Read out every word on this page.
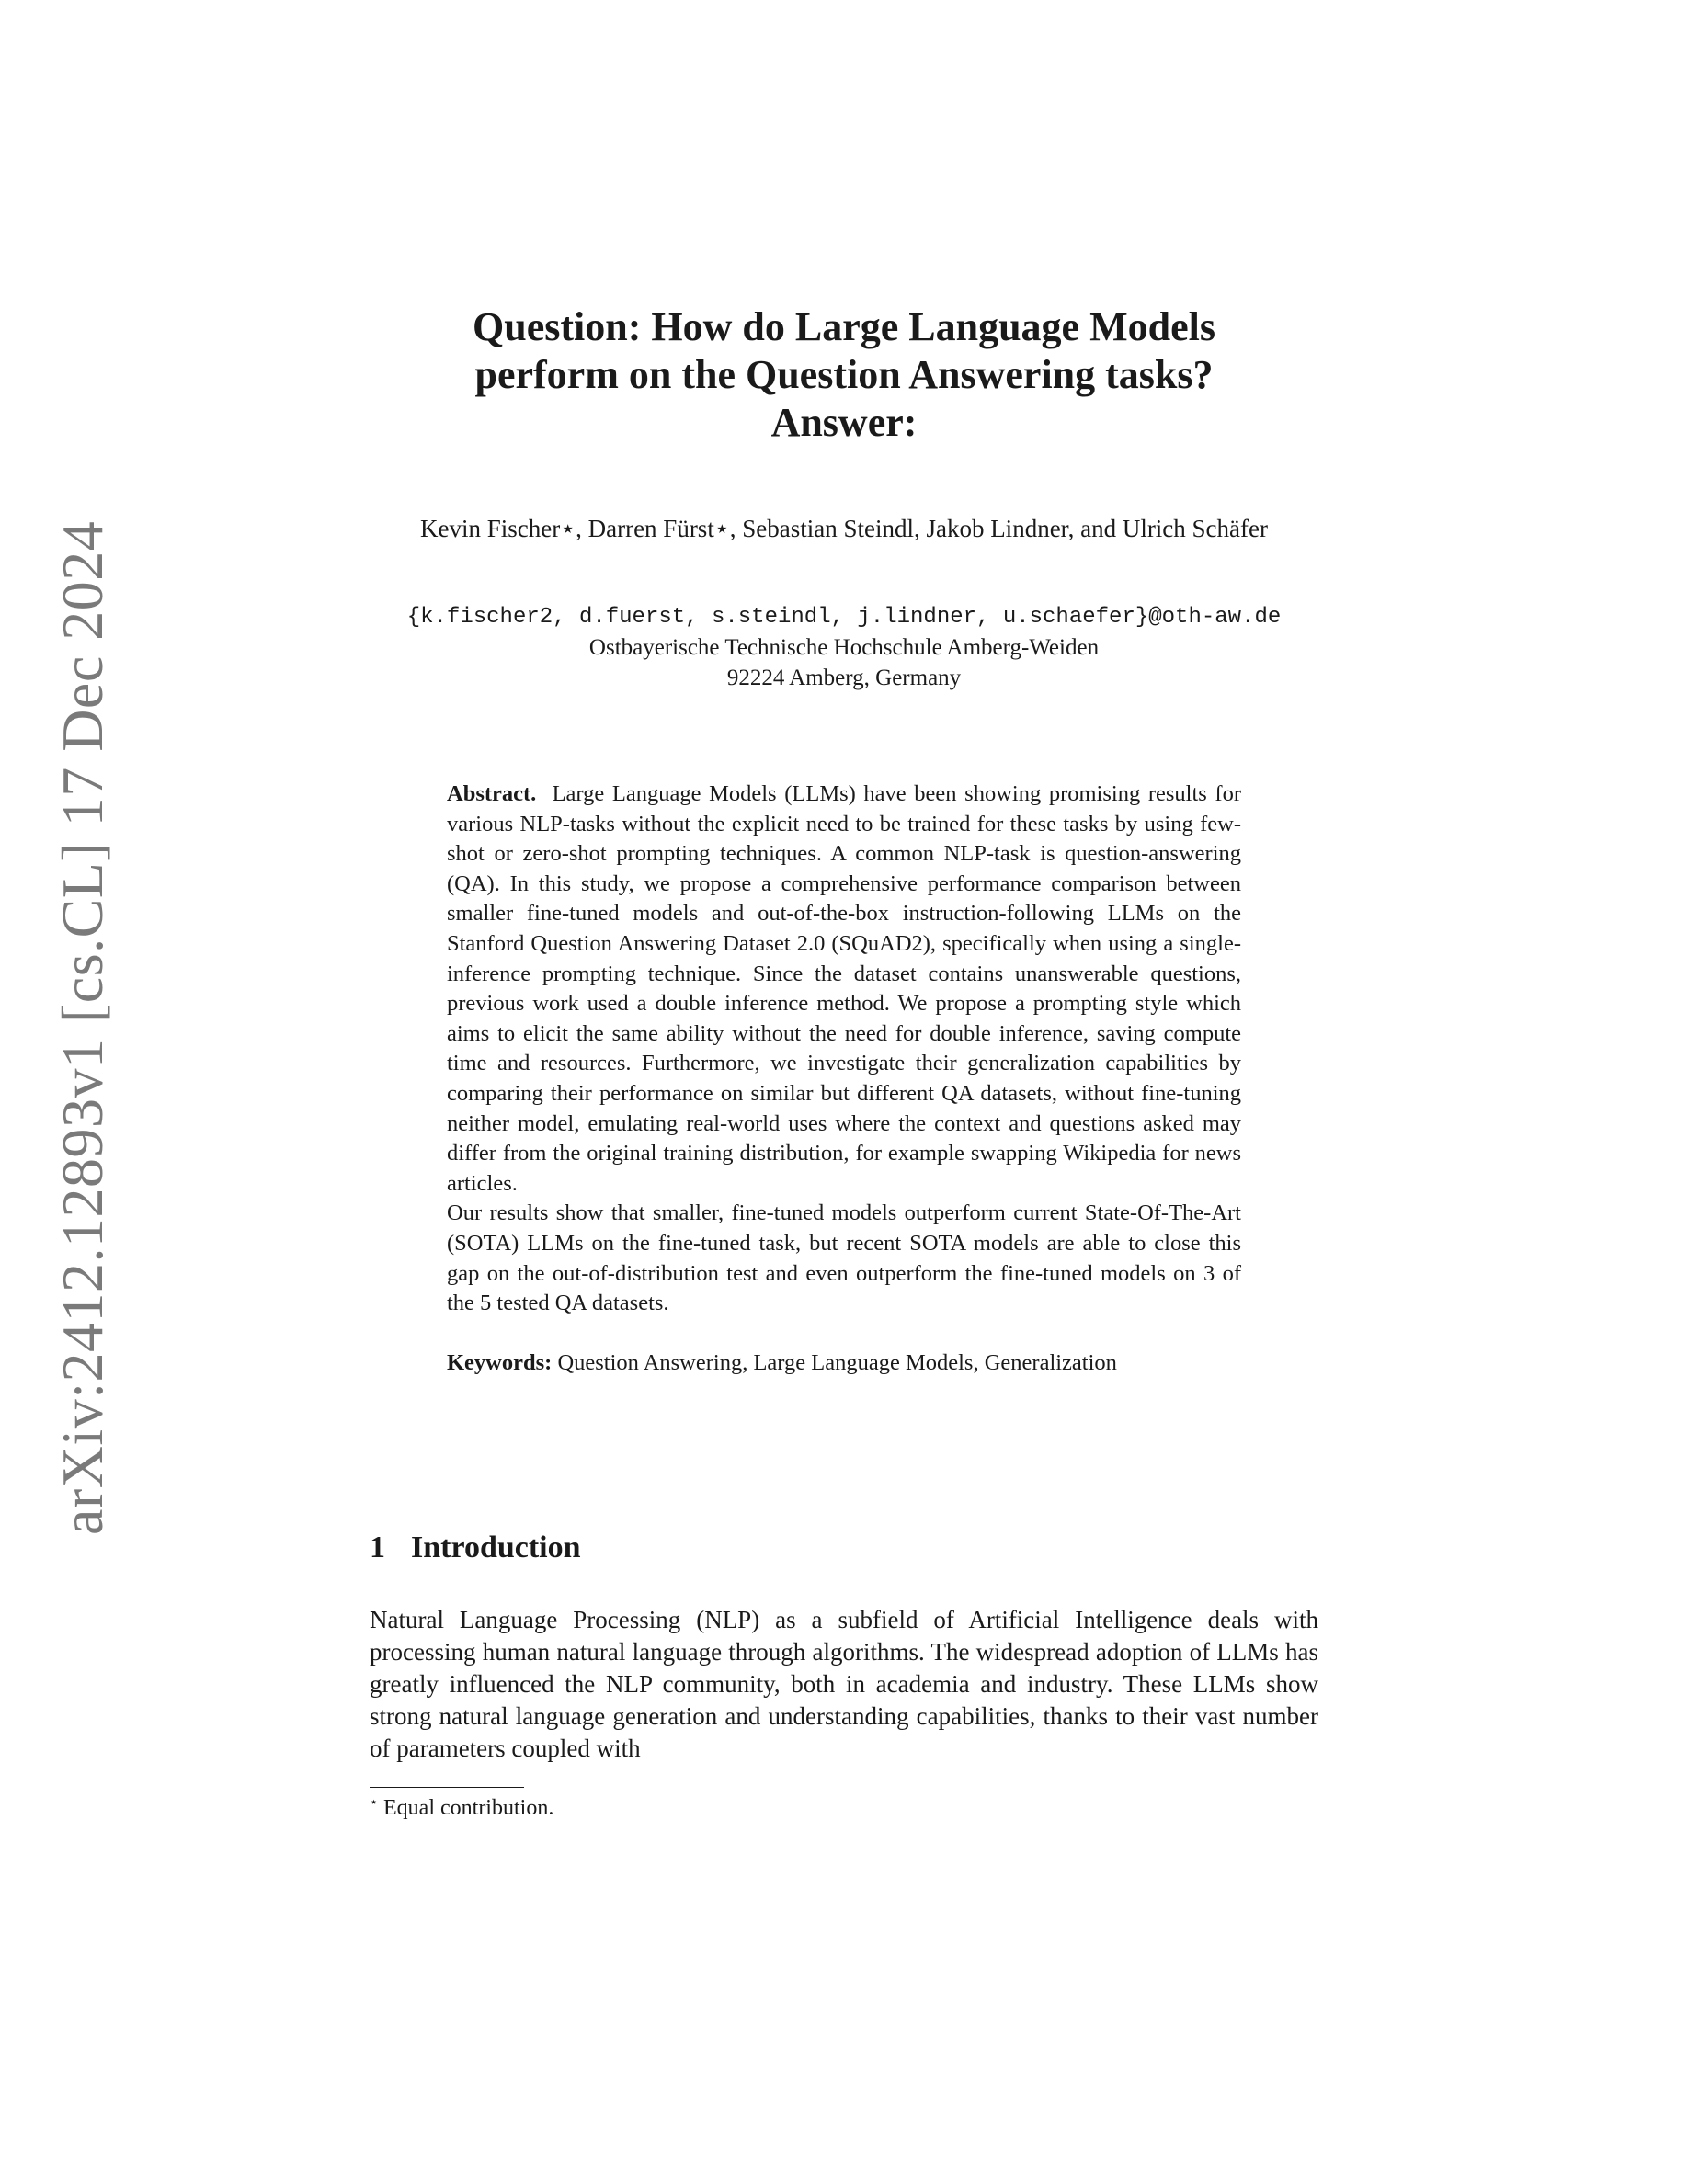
arXiv:2412.12893v1 [cs.CL] 17 Dec 2024
Question: How do Large Language Models
perform on the Question Answering tasks?
Answer:
Kevin Fischer⋆, Darren Fürst⋆, Sebastian Steindl, Jakob Lindner, and Ulrich Schäfer
{k.fischer2, d.fuerst, s.steindl, j.lindner, u.schaefer}@oth-aw.de
Ostbayerische Technische Hochschule Amberg-Weiden
92224 Amberg, Germany

Abstract. Large Language Models (LLMs) have been showing promising results for various NLP-tasks without the explicit need to be trained for these tasks by using few-shot or zero-shot prompting techniques. A common NLP-task is question-answering (QA). In this study, we propose a comprehensive performance comparison between smaller fine-tuned models and out-of-the-box instruction-following LLMs on the Stanford Question Answering Dataset 2.0 (SQuAD2), specifically when using a single-inference prompting technique. Since the dataset contains unanswerable questions, previous work used a double inference method. We propose a prompting style which aims to elicit the same ability without the need for double inference, saving compute time and resources. Furthermore, we investigate their generalization capabilities by comparing their performance on similar but different QA datasets, without fine-tuning neither model, emulating real-world uses where the context and questions asked may differ from the original training distribution, for example swapping Wikipedia for news articles.

Our results show that smaller, fine-tuned models outperform current State-Of-The-Art (SOTA) LLMs on the fine-tuned task, but recent SOTA models are able to close this gap on the out-of-distribution test and even outperform the fine-tuned models on 3 of the 5 tested QA datasets.

Keywords: Question Answering, Large Language Models, Generalization

1 Introduction

Natural Language Processing (NLP) as a subfield of Artificial Intelligence deals with processing human natural language through algorithms. The widespread adoption of LLMs has greatly influenced the NLP community, both in academia and industry. These LLMs show strong natural language generation and understanding capabilities, thanks to their vast number of parameters coupled with

⋆ Equal contribution.
